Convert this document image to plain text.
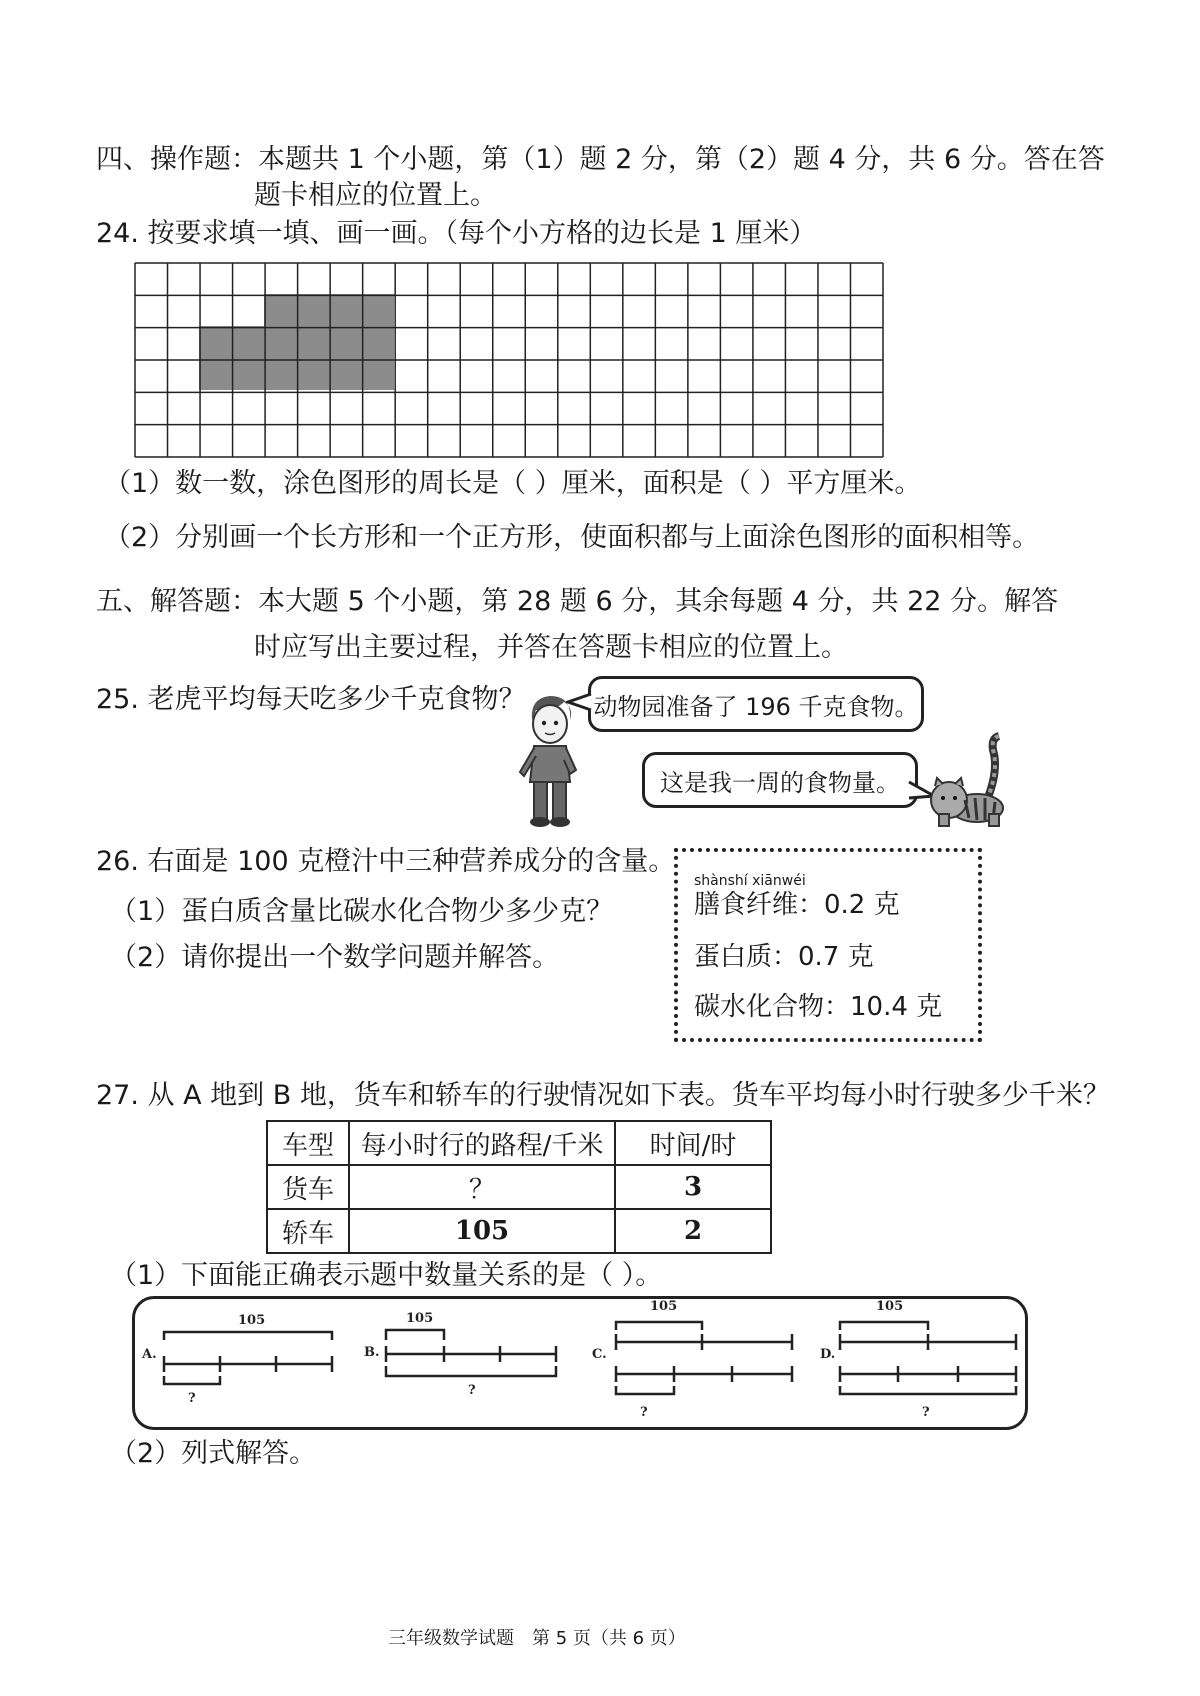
四、操作题：本题共 1 个小题，第（1）题 2 分，第（2）题 4 分，共 6 分。答在答
题卡相应的位置上。
24. 按要求填一填、画一画。（每个小方格的边长是 1 厘米）
（1）数一数，涂色图形的周长是（ ）厘米，面积是（ ）平方厘米。
（2）分别画一个长方形和一个正方形，使面积都与上面涂色图形的面积相等。
五、解答题：本大题 5 个小题，第 28 题 6 分，其余每题 4 分，共 22 分。解答
时应写出主要过程，并答在答题卡相应的位置上。
25. 老虎平均每天吃多少千克食物？	动物园准备了 196 千克食物。
这是我一周的食物量。
26. 右面是 100 克橙汁中三种营养成分的含量。
（1）蛋白质含量比碳水化合物少多少克？
（2）请你提出一个数学问题并解答。
shànshí xiānwéi
膳食纤维：0.2 克
蛋白质：0.7 克
碳水化合物：10.4 克
27. 从 A 地到 B 地，货车和轿车的行驶情况如下表。货车平均每小时行驶多少千米？
车型	每小时行的路程/千米	时间/时
货车	？	3
轿车	105	2
（1）下面能正确表示题中数量关系的是（ ）。
A.
105
?
B.
105
?
C.
105
?
D.
105
?
（2）列式解答。
三年级数学试题　第 5 页（共 6 页）
